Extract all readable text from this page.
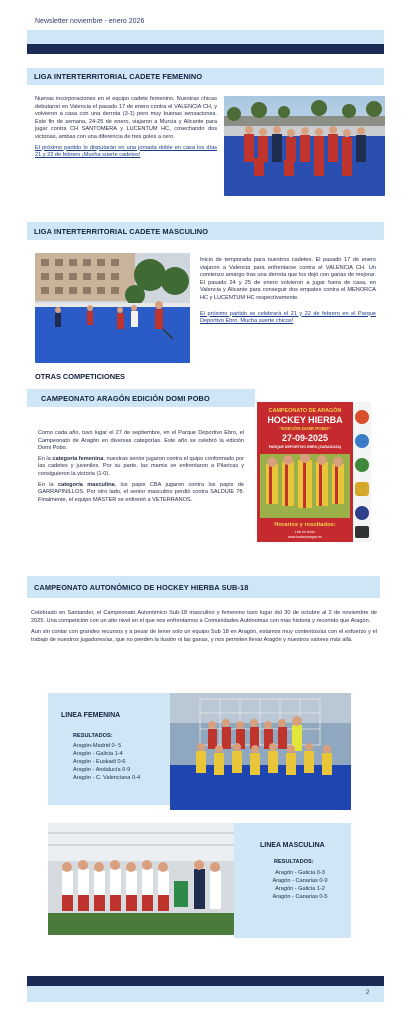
Newsletter noviembre - enero 2026
LIGA INTERTERRITORIAL CADETE FEMENINO

Nuevas incorporaciones en el equipo cadete femenino. Nuestras chicas debutaron en Valencia el pasado 17 de enero contra el VALENCIA CH, y volvieron a casa con una derrota (3-1) pero muy buenas sensaciones. Este fin de semana, 24-25 de enero, viajaron a Murcia y Alicante para jugar contra CH SANTOMERA y LUCENTUM HC, cosechando dos victorias, ambas con una diferencia de tres goles a cero.

El próximo partido lo disputarán en una jornada doble en casa los días 21 y 22 de febrero ¡Mucha suerte cadetes!

LIGA INTERTERRITORIAL CADETE MASCULINO

Inicio de temporada para nuestros cadetes. El pasado 17 de enero viajaron a Valencia para enfrentarse contra el VALENCIA CH. Un comienzo amargo tras una derrota que los dejó con ganas de mejorar. El pasado 24 y 25 de enero volvieron a jugar fuera de casa, en Valencia y Alicante para conseguir dos empates contra el MENORCA HC y LUCENTUM HC respectivamente.

El próximo partido se celebrará el 21 y 22 de febrero en el Parque Deportivo Ebro. Mucha suerte chicos!

OTRAS COMPETICIONES
CAMPEONATO ARAGÓN EDICIÓN DOMI POBO

Como cada año, tuvo lugar el 27 de septiembre, en el Parque Deportivo Ebro, el Campeonato de Aragón en diversas categorías. Este año se celebró la edición Domi Pobo.

En la categoría femenina, nuestras senior jugaron contra el quipo conformado por las cadetes y juveniles. Por su parte, las mamis se enfrentaron a Pilaricas y consiguieron la victoria (1-0).

En la categoría masculina, los papis CBA jugaron contra los papis de GARRAPINILLOS. Por otro lado, el senior masculino perdió contra SALDUIE 78. Finalmente, el equipo MASTER se enfrentó a VETERRANOS.

CAMPEONATO DE ARAGÓN
HOCKEY HIERBA
"EDICIÓN DOMI POBO"
27-09-2025
PARQUE DEPORTIVO EBRO (ZARAGOZA)
Horarios y resultados:
Link en la bio
www.hockeyaragon.es
CAMPEONATO AUTONÓMICO DE HOCKEY HIERBA SUB-18

Celebrado en Santander, el Campeonato Autonómico Sub-18 masculino y femenino tuvo lugar del 30 de octubre al 2 de noviembre de 2025. Una competición con un alto nivel en el que nos enfrentamos a Comunidades Autónomas con más historia y recorrido que Aragón.

Aun sin contar con grandes recursos y a pesar de tener solo un equipo Sub 18 en Aragón, estamos muy contentos/as con el esfuerzo y el trabajo de nuestros jugadores/as, que no pierden la ilusión ni las ganas, y nos permiten llevar Aragón y nuestros valores más allá.

LINEA FEMENINA
RESULTADOS:
Aragón-Madrid 0- 5
Aragón - Galicia 1-4
Aragón - Euskadi 0-6
Aragón - Andalucía 0-9
Aragón - C. Valenciana 0-4
LINEA MASCULINA
RESULTADOS:
Aragón - Galicia 0-3
Aragón - Canarias 0-9
Aragón - Galicia 1-2
Aragón - Canarias 0-5
2
